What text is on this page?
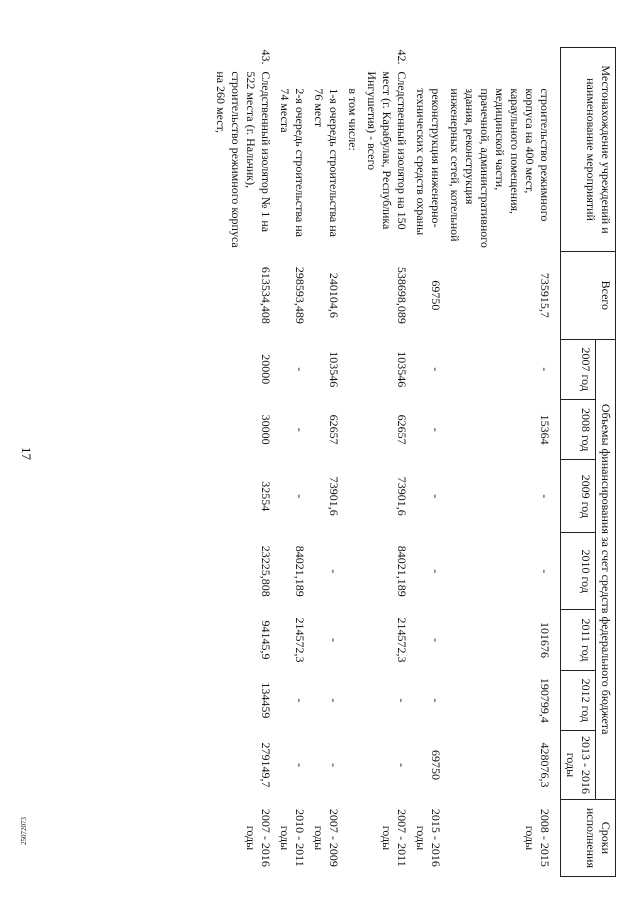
17
25072073
Местонахождение учреждений и наименование мероприятий		Всего	Объемы финансирования за счет средств федерального бюджета							Сроки исполнения
			2007 год	2008 год	2009 год	2010 год	2011 год	2012 год	2013 - 2016 годы	
	строительство режимного корпуса на 400 мест, караульного помещения, медицинской части, прачечной, административного здания, реконструкция инженерных сетей, котельной	735915,7	-	15364	-	-	101676	190799,4	428076,3	2008 - 2015 годы
	реконструкция инженерно-технических средств охраны	69750	-	-	-	-	-	-	69750	2015 - 2016 годы
42.	Следственный изолятор на 150 мест (г. Карабулак, Республика Ингушетия) - всего	538698,089	103546	62657	73901,6	84021,189	214572,3	-	-	2007 - 2011 годы
	в том числе:									
	1-я очередь строительства на 76 мест	240104,6	103546	62657	73901,6	-	-	-	-	2007 - 2009 годы
	2-я очередь строительства на 74 места	298593,489	-	-	-	84021,189	214572,3	-	-	2010 - 2011 годы
43.	Следственный изолятор № 1 на 522 места (г. Нальчик), строительство режимного корпуса на 260 мест,	613534,408	20000	30000	32554	23225,808	94145,9	134459	279149,7	2007 - 2016 годы
